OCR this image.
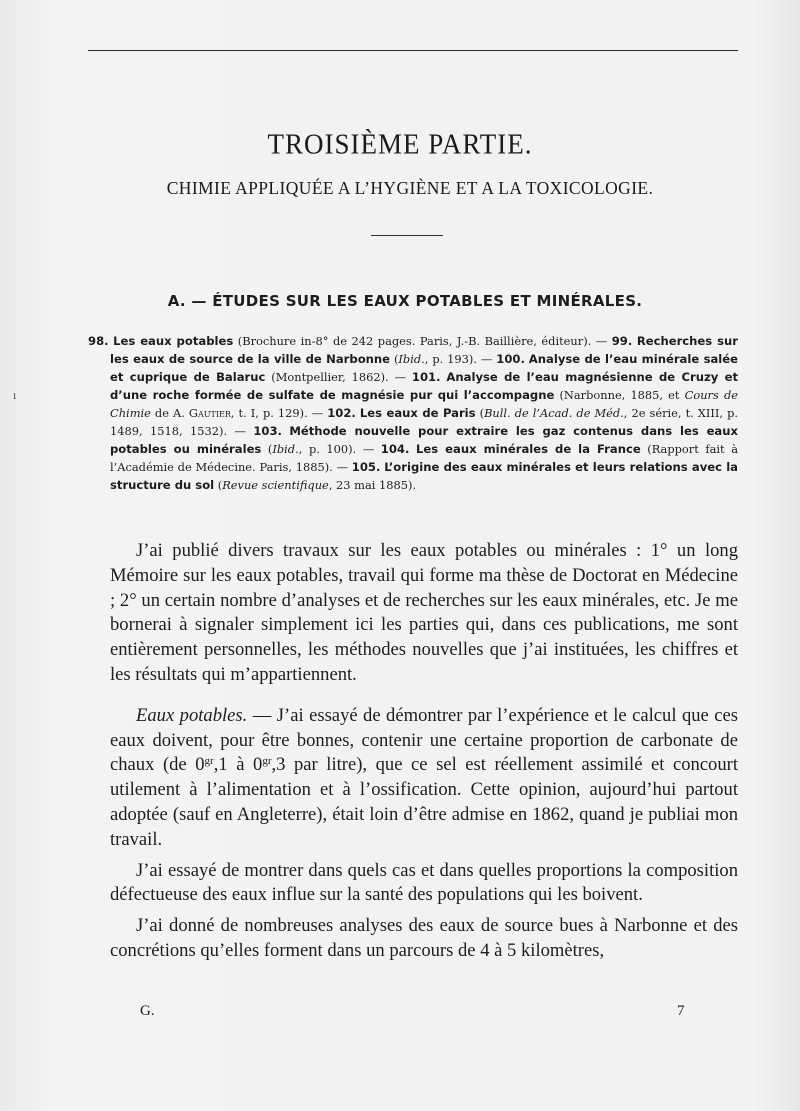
TROISIÈME PARTIE.
CHIMIE APPLIQUÉE A L’HYGIÈNE ET A LA TOXICOLOGIE.
A. — ÉTUDES SUR LES EAUX POTABLES ET MINÉRALES.
ı
98. Les eaux potables (Brochure in-8° de 242 pages. Paris, J.-B. Baillière, éditeur). — 99. Recherches sur les eaux de source de la ville de Narbonne (Ibid., p. 193). — 100. Analyse de l’eau minérale salée et cuprique de Balaruc (Montpellier, 1862). — 101. Analyse de l’eau magnésienne de Cruzy et d’une roche formée de sulfate de magnésie pur qui l’accompagne (Narbonne, 1885, et Cours de Chimie de A. Gautier, t. I, p. 129). — 102. Les eaux de Paris (Bull. de l’Acad. de Méd., 2e série, t. XIII, p. 1489, 1518, 1532). — 103. Méthode nouvelle pour extraire les gaz contenus dans les eaux potables ou minérales (Ibid., p. 100). — 104. Les eaux minérales de la France (Rapport fait à l’Académie de Médecine. Paris, 1885). — 105. L’origine des eaux minérales et leurs relations avec la structure du sol (Revue scientifique, 23 mai 1885).

J’ai publié divers travaux sur les eaux potables ou minérales : 1° un long Mémoire sur les eaux potables, travail qui forme ma thèse de Doctorat en Médecine ; 2° un certain nombre d’analyses et de recherches sur les eaux minérales, etc. Je me bornerai à signaler simplement ici les parties qui, dans ces publications, me sont entièrement personnelles, les méthodes nouvelles que j’ai instituées, les chiffres et les résultats qui m’appartiennent.

Eaux potables. — J’ai essayé de démontrer par l’expérience et le calcul que ces eaux doivent, pour être bonnes, contenir une certaine proportion de carbonate de chaux (de $0^{gr},1$ à $0^{gr},3$ par litre), que ce sel est réellement assimilé et concourt utilement à l’alimentation et à l’ossification. Cette opinion, aujourd’hui partout adoptée (sauf en Angleterre), était loin d’être admise en 1862, quand je publiai mon travail.

J’ai essayé de montrer dans quels cas et dans quelles proportions la composition défectueuse des eaux influe sur la santé des populations qui les boivent.

J’ai donné de nombreuses analyses des eaux de source bues à Narbonne et des concrétions qu’elles forment dans un parcours de 4 à 5 kilomètres,

G.	7
